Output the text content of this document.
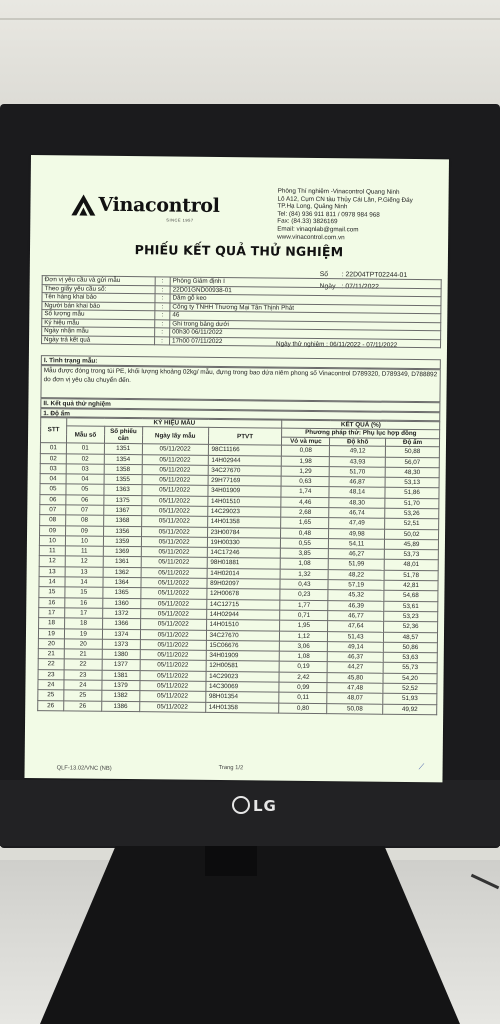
LG
Vinacontrol
SINCE 1957
Phòng Thí nghiệm -Vinacontrol Quang Ninh
Lô A12, Cụm CN tàu Thủy Cái Lân, P.Giếng Đáy
TP.Hạ Long, Quảng Ninh
Tel: (84) 936 911 811 / 0978 984 968
Fax: (84.33) 3826169
Email: vinaqnlab@gmail.com
www.vinacontrol.com.vn
PHIẾU KẾT QUẢ THỬ NGHIỆM
Số : 22D04TPT02244-01
Ngày : 07/11/2022
Đơn vị yêu cầu và gửi mẫu	:	Phòng Giám định I
Theo giấy yêu cầu số:	:	22D01GND00938-01
Tên hàng khai báo	:	Dăm gỗ keo
Người bán khai báo	:	Công ty TNHH Thương Mại Tân Thịnh Phát
Số lượng mẫu	:	46
Ký hiệu mẫu	:	Ghi trong bảng dưới
Ngày nhận mẫu	:	00h30 06/11/2022
Ngày trả kết quả	:	17h00 07/11/2022	Ngày thử nghiệm : 06/11/2022 - 07/11/2022
I. Tình trạng mẫu:
Mẫu được đóng trong túi PE, khối lượng khoảng 02kg/ mẫu, đựng trong bao dứa niêm phong số Vinacontrol D789320, D789349, D788892 do đơn vị yêu cầu chuyển đến.
II. Kết quả thử nghiệm
1. Độ ẩm
STT	KÝ HIỆU MẪU				KẾT QUẢ (%)		
	Mẫu số	Số phiếu cân	Ngày lấy mẫu	PTVT	Phương pháp thử: Phụ lục hợp đồng		
					Vỏ và mục	Độ khô	Độ ẩm
01	01	1351	05/11/2022	98C11166	0,08	49,12	50,88
02	02	1354	05/11/2022	14H02944	1,98	43,93	56,07
03	03	1358	05/11/2022	34C27670	1,29	51,70	48,30
04	04	1355	05/11/2022	29H77169	0,63	46,87	53,13
05	05	1363	05/11/2022	34H01909	1,74	48,14	51,86
06	06	1375	05/11/2022	14H01510	4,46	48,30	51,70
07	07	1367	05/11/2022	14C29023	2,68	46,74	53,26
08	08	1368	05/11/2022	14H01358	1,65	47,49	52,51
09	09	1356	05/11/2022	23H00784	0,48	49,98	50,02
10	10	1359	05/11/2022	19H00330	0,55	54,11	45,89
11	11	1369	05/11/2022	14C17246	3,85	46,27	53,73
12	12	1361	05/11/2022	98H01881	1,08	51,99	48,01
13	13	1362	05/11/2022	14H02014	1,32	48,22	51,78
14	14	1364	05/11/2022	89H02097	0,43	57,19	42,81
15	15	1365	05/11/2022	12H00678	0,23	45,32	54,68
16	16	1360	05/11/2022	14C12715	1,77	46,39	53,61
17	17	1372	05/11/2022	14H02944	0,71	46,77	53,23
18	18	1366	05/11/2022	14H01510	1,95	47,64	52,36
19	19	1374	05/11/2022	34C27670	1,12	51,43	48,57
20	20	1373	05/11/2022	15C06676	3,06	49,14	50,86
21	21	1380	05/11/2022	34H01909	1,08	46,37	53,63
22	22	1377	05/11/2022	12H00581	0,19	44,27	55,73
23	23	1381	05/11/2022	14C29023	2,42	45,80	54,20
24	24	1379	05/11/2022	14C30069	0,99	47,48	52,52
25	25	1382	05/11/2022	98H01354	0,11	48,07	51,93
26	26	1386	05/11/2022	14H01358	0,80	50,08	49,92
QLF-13.02/VNC (NB)	Trang 1/2	⟋
